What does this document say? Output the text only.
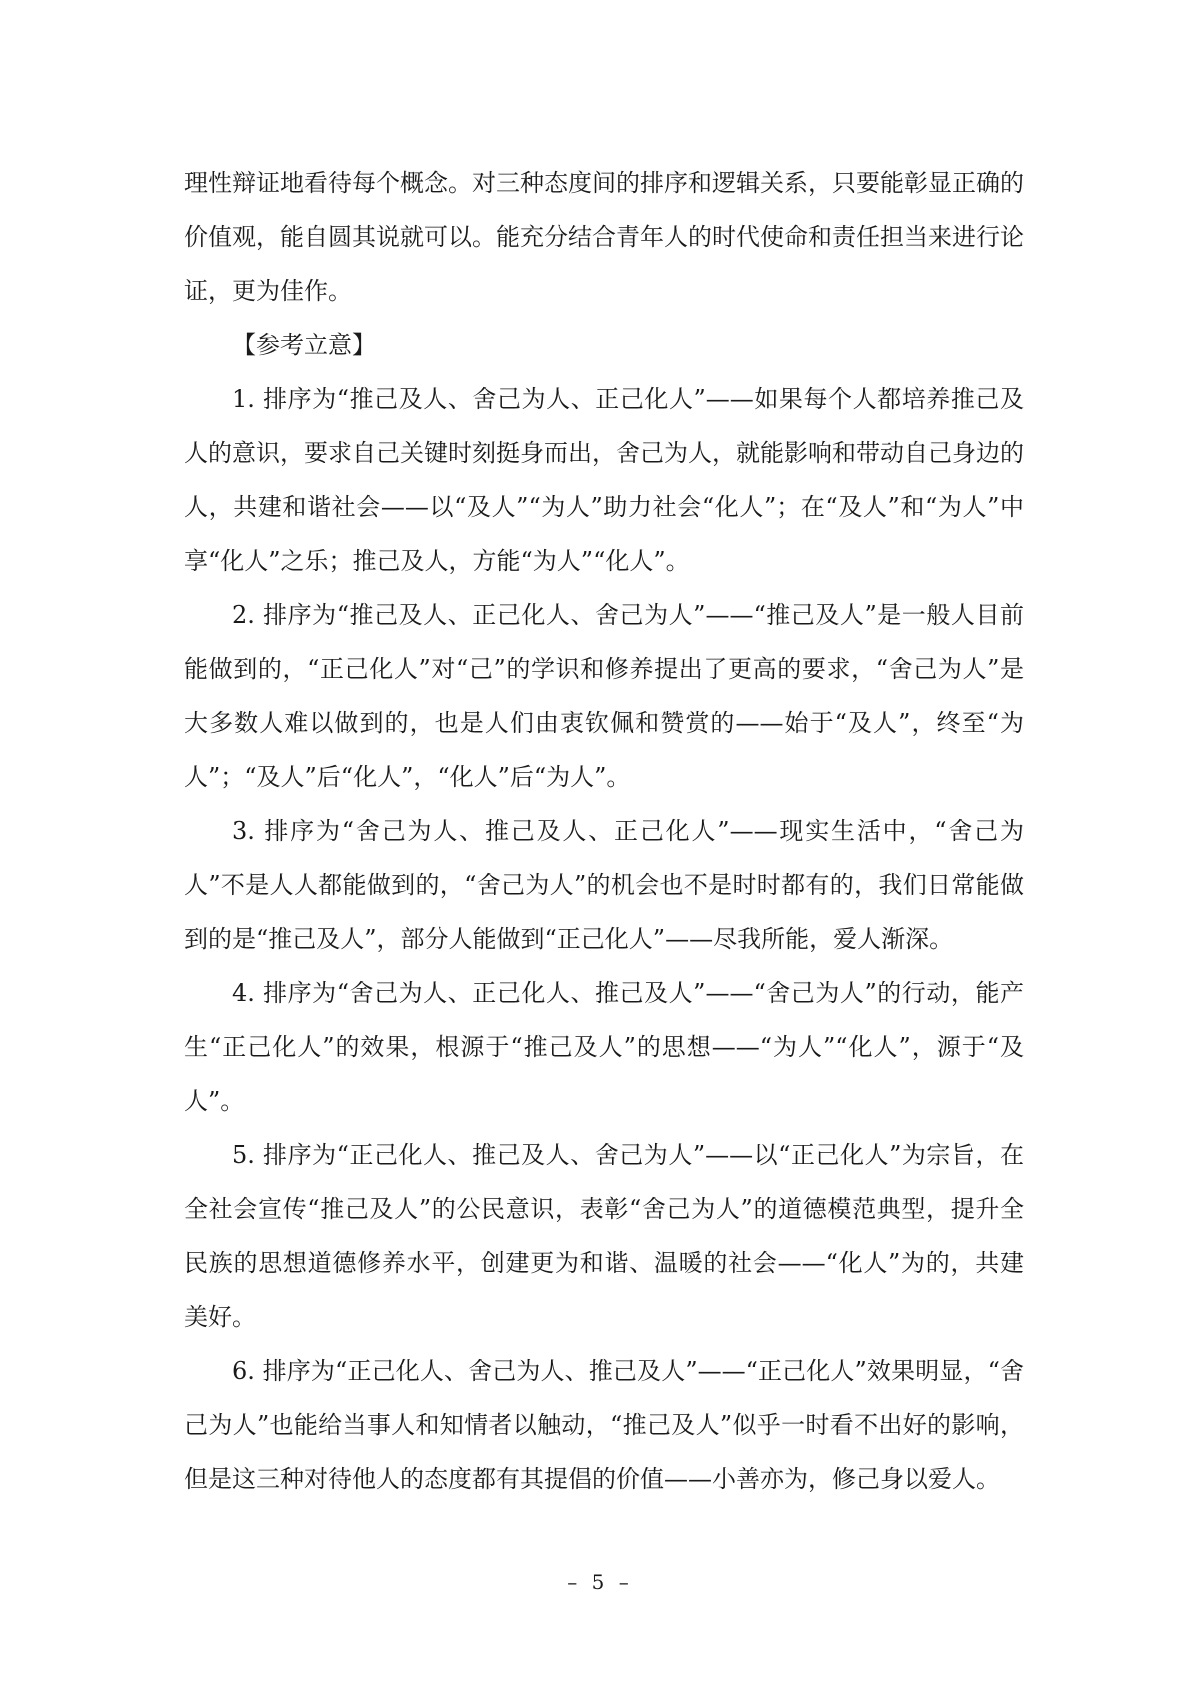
理性辩证地看待每个概念。对三种态度间的排序和逻辑关系，只要能彰显正确的价值观，能自圆其说就可以。能充分结合青年人的时代使命和责任担当来进行论证，更为佳作。

【参考立意】

1. 排序为“推己及人、舍己为人、正己化人”——如果每个人都培养推己及人的意识，要求自己关键时刻挺身而出，舍己为人，就能影响和带动自己身边的人，共建和谐社会——以“及人”“为人”助力社会“化人”；在“及人”和“为人”中享“化人”之乐；推己及人，方能“为人”“化人”。

2. 排序为“推己及人、正己化人、舍己为人”——“推己及人”是一般人目前能做到的，“正己化人”对“己”的学识和修养提出了更高的要求，“舍己为人”是大多数人难以做到的，也是人们由衷钦佩和赞赏的——始于“及人”，终至“为人”；“及人”后“化人”，“化人”后“为人”。

3. 排序为“舍己为人、推己及人、正己化人”——现实生活中，“舍己为人”不是人人都能做到的，“舍己为人”的机会也不是时时都有的，我们日常能做到的是“推己及人”，部分人能做到“正己化人”——尽我所能，爱人渐深。

4. 排序为“舍己为人、正己化人、推己及人”——“舍己为人”的行动，能产生“正己化人”的效果，根源于“推己及人”的思想——“为人”“化人”，源于“及人”。

5. 排序为“正己化人、推己及人、舍己为人”——以“正己化人”为宗旨，在全社会宣传“推己及人”的公民意识，表彰“舍己为人”的道德模范典型，提升全民族的思想道德修养水平，创建更为和谐、温暖的社会——“化人”为的，共建美好。

6. 排序为“正己化人、舍己为人、推己及人”——“正己化人”效果明显，“舍己为人”也能给当事人和知情者以触动，“推己及人”似乎一时看不出好的影响，但是这三种对待他人的态度都有其提倡的价值——小善亦为，修己身以爱人。

– 5 –
